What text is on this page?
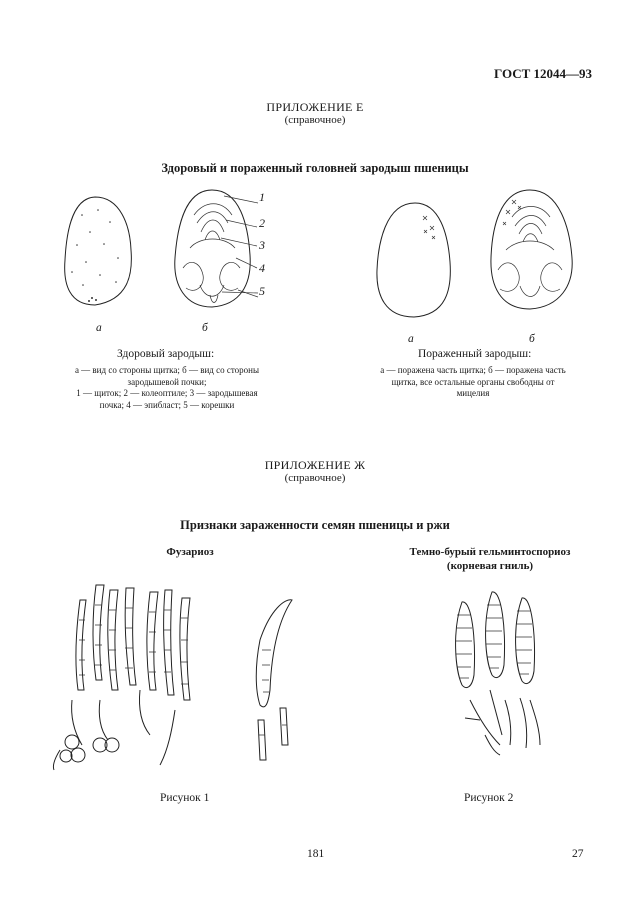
ГОСТ 12044—93
ПРИЛОЖЕНИЕ Е
(справочное)
Здоровый и пораженный головней зародыш пшеницы
1
2
3
4
5
а	б
а	б
Здоровый зародыш:
а — вид со стороны щитка; б — вид со стороны
зародышевой почки;
1 — щиток; 2 — колеоптиле; 3 — зародышевая
почка; 4 — эпибласт; 5 — корешки
Пораженный зародыш:
а — поражена часть щитка; б — поражена часть
щитка, все остальные органы свободны от
мицелия
ПРИЛОЖЕНИЕ Ж
(справочное)
Признаки зараженности семян пшеницы и ржи
Фузариоз	Темно-бурый гельминтоспориоз
(корневая гниль)
Рисунок 1	Рисунок 2
181	27
